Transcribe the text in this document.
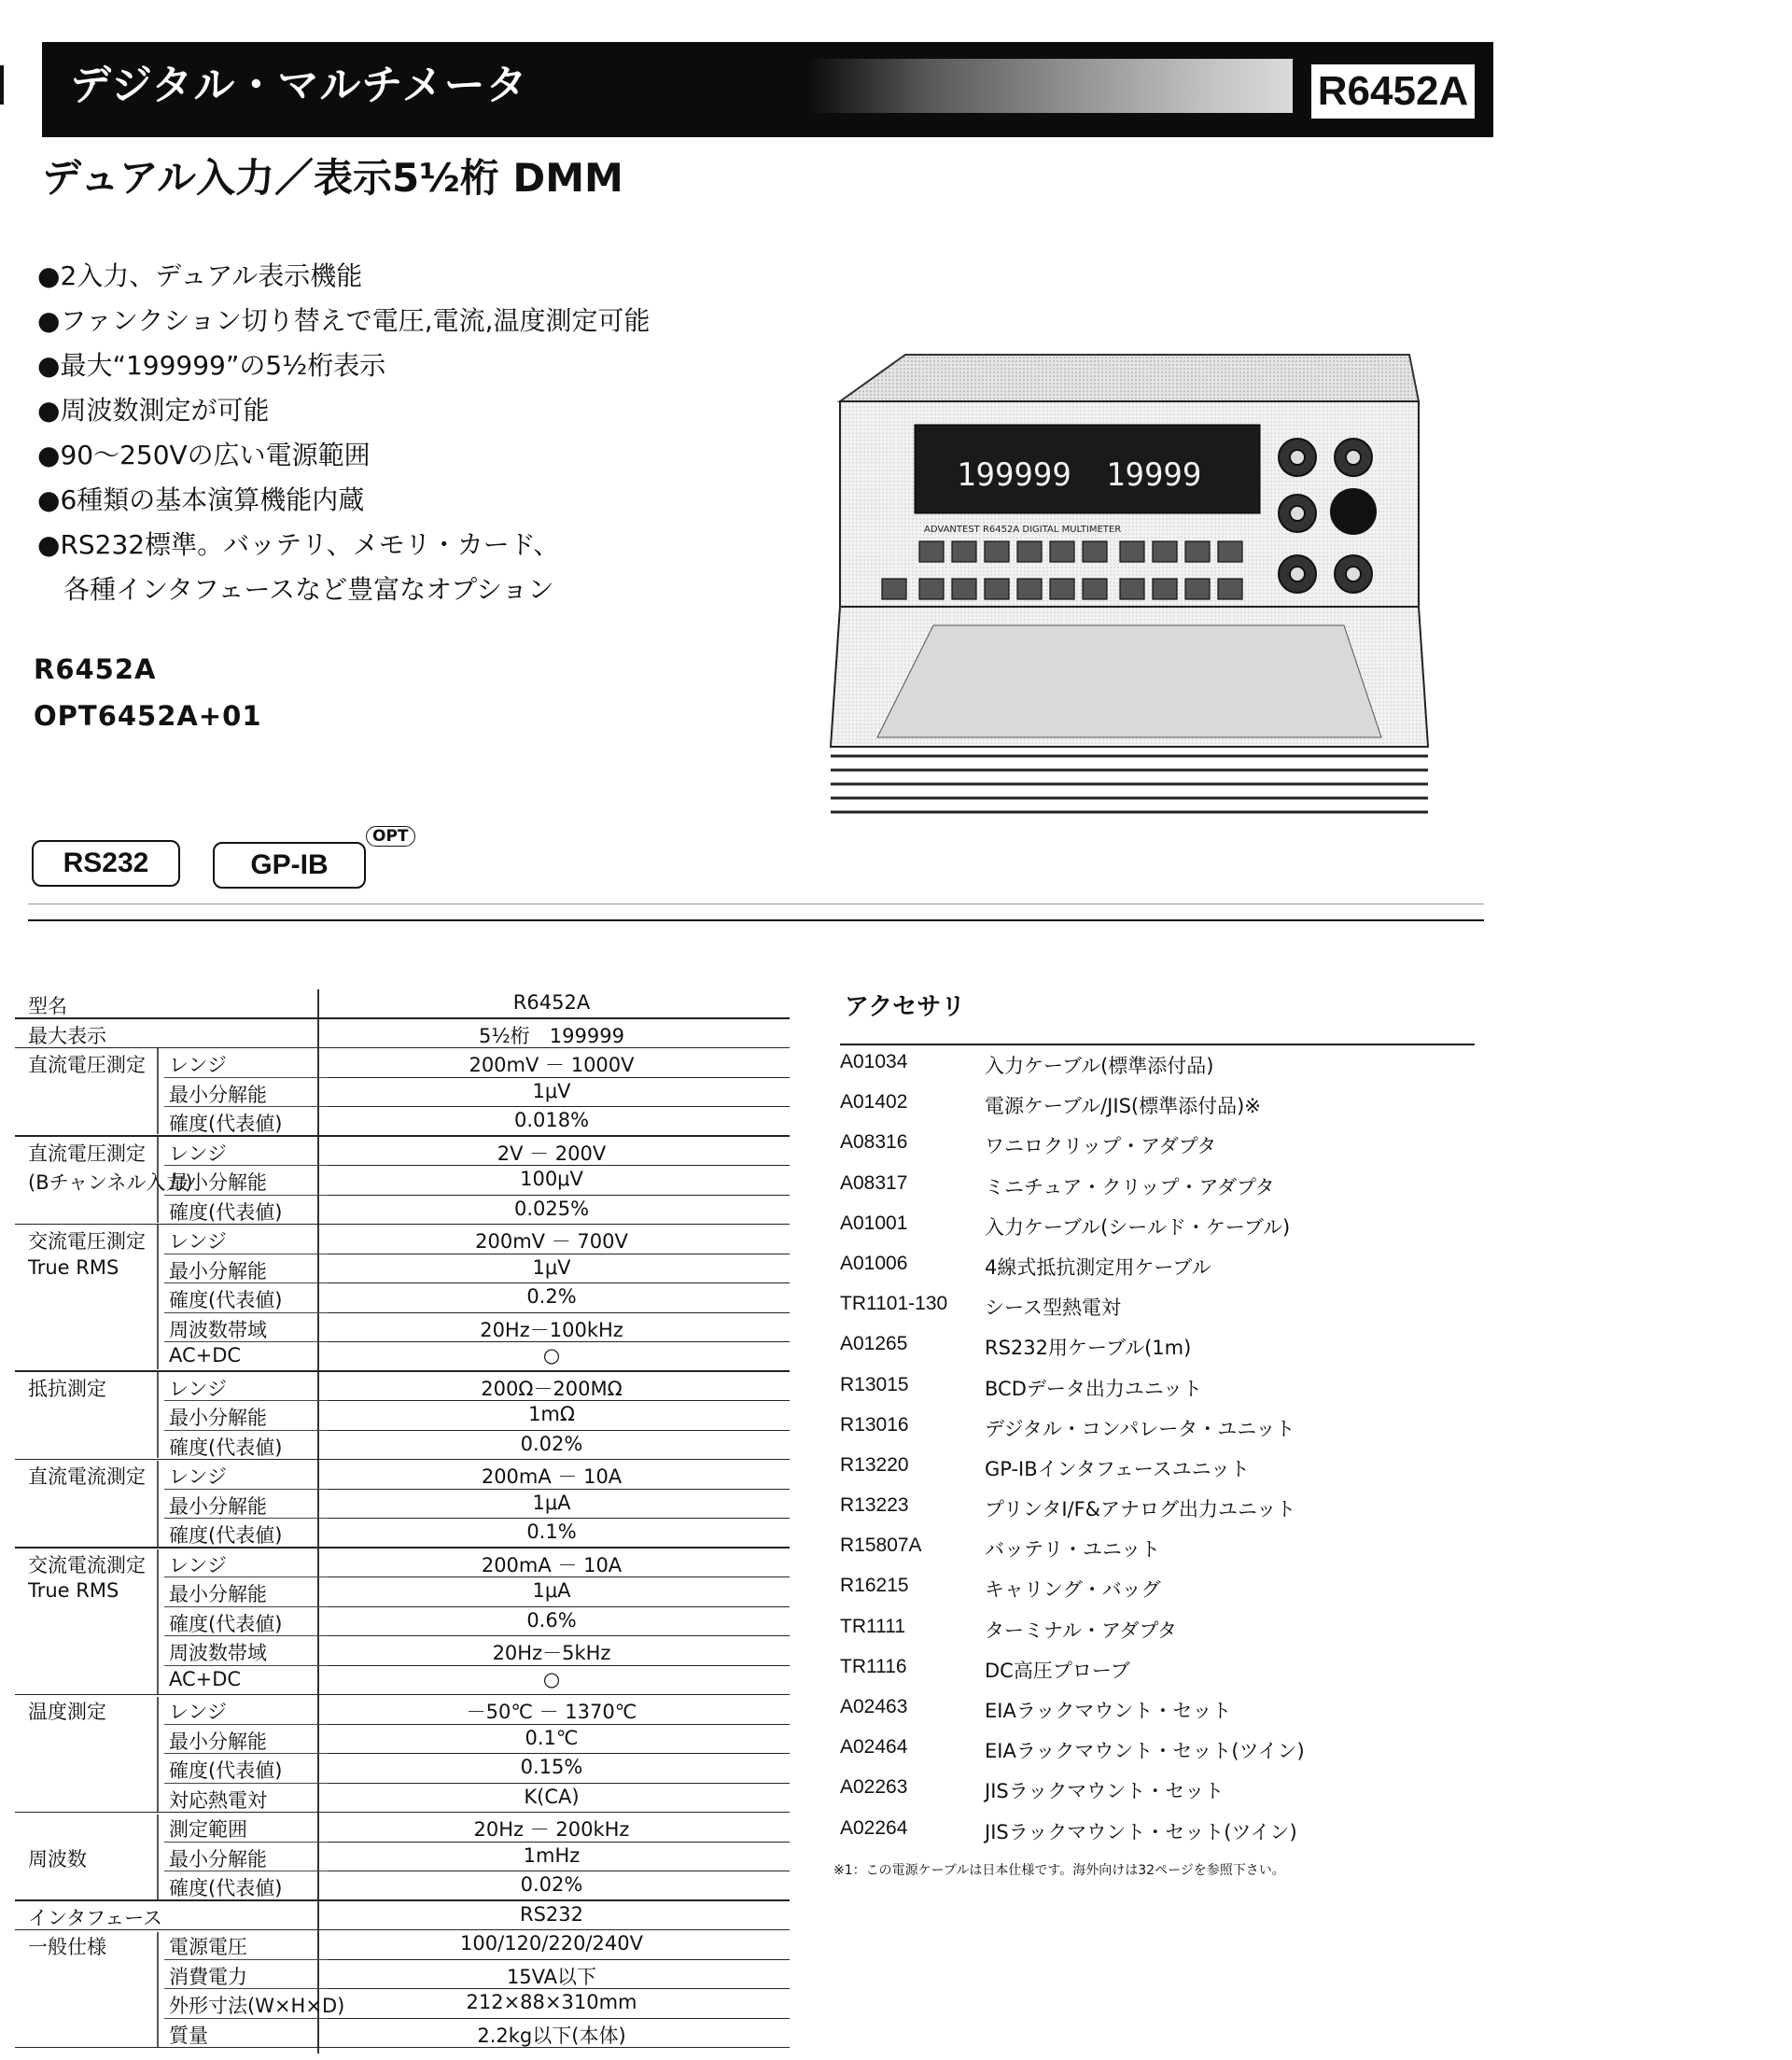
デジタル・マルチメータ	R6452A
デュアル入力／表示5½桁 DMM
●2入力、デュアル表示機能
●ファンクション切り替えで電圧,電流,温度測定可能
●最大“199999”の5½桁表示
●周波数測定が可能
●90～250Vの広い電源範囲
●6種類の基本演算機能内蔵
●RS232標準。バッテリ、メモリ・カード、
各種インタフェースなど豊富なオプション
R6452A
OPT6452A+01
RS232	GP-IB
OPT
199999 19999
ADVANTEST R6452A DIGITAL MULTIMETER
型名	R6452A
最大表示	5½桁　199999
直流電圧測定 レンジ	200mV － 1000V
最小分解能	1μV
確度(代表値)	0.018%
直流電圧測定 レンジ	2V － 200V
(Bチャンネル入力)
最小分解能	100μV
確度(代表値)	0.025%
交流電圧測定 レンジ	200mV － 700V
True RMS	最小分解能	1μV
確度(代表値)	0.2%
周波数帯域	20Hz－100kHz
AC+DC	○
抵抗測定	レンジ	200Ω－200MΩ
最小分解能	1mΩ
確度(代表値)	0.02%
直流電流測定 レンジ	200mA － 10A
最小分解能	1μA
確度(代表値)	0.1%
交流電流測定 レンジ	200mA － 10A
True RMS	最小分解能	1μA
確度(代表値)	0.6%
周波数帯域	20Hz－5kHz
AC+DC	○
温度測定	レンジ	－50℃ － 1370℃
最小分解能	0.1℃
確度(代表値)	0.15%
対応熱電対	K(CA)
測定範囲	20Hz － 200kHz
周波数	最小分解能	1mHz
確度(代表値)	0.02%
インタフェース	RS232
一般仕様	電源電圧	100/120/220/240V
消費電力	15VA以下
外形寸法(W×H×D)	212×88×310mm
質量	2.2kg以下(本体)
アクセサリ
A01034	入力ケーブル(標準添付品)
A01402	電源ケーブル/JIS(標準添付品)※
A08316	ワニロクリップ・アダプタ
A08317	ミニチュア・クリップ・アダプタ
A01001	入力ケーブル(シールド・ケーブル)
A01006	4線式抵抗測定用ケーブル
TR1101-130 シース型熱電対
A01265	RS232用ケーブル(1m)
R13015	BCDデータ出力ユニット
R13016	デジタル・コンパレータ・ユニット
R13220	GP-IBインタフェースユニット
R13223	プリンタI/F&アナログ出力ユニット
R15807A	バッテリ・ユニット
R16215	キャリング・バッグ
TR1111	ターミナル・アダプタ
TR1116	DC高圧プローブ
A02463	EIAラックマウント・セット
A02464	EIAラックマウント・セット(ツイン)
A02263	JISラックマウント・セット
A02264	JISラックマウント・セット(ツイン)
※1：この電源ケーブルは日本仕様です。海外向けは32ページを参照下さい。
